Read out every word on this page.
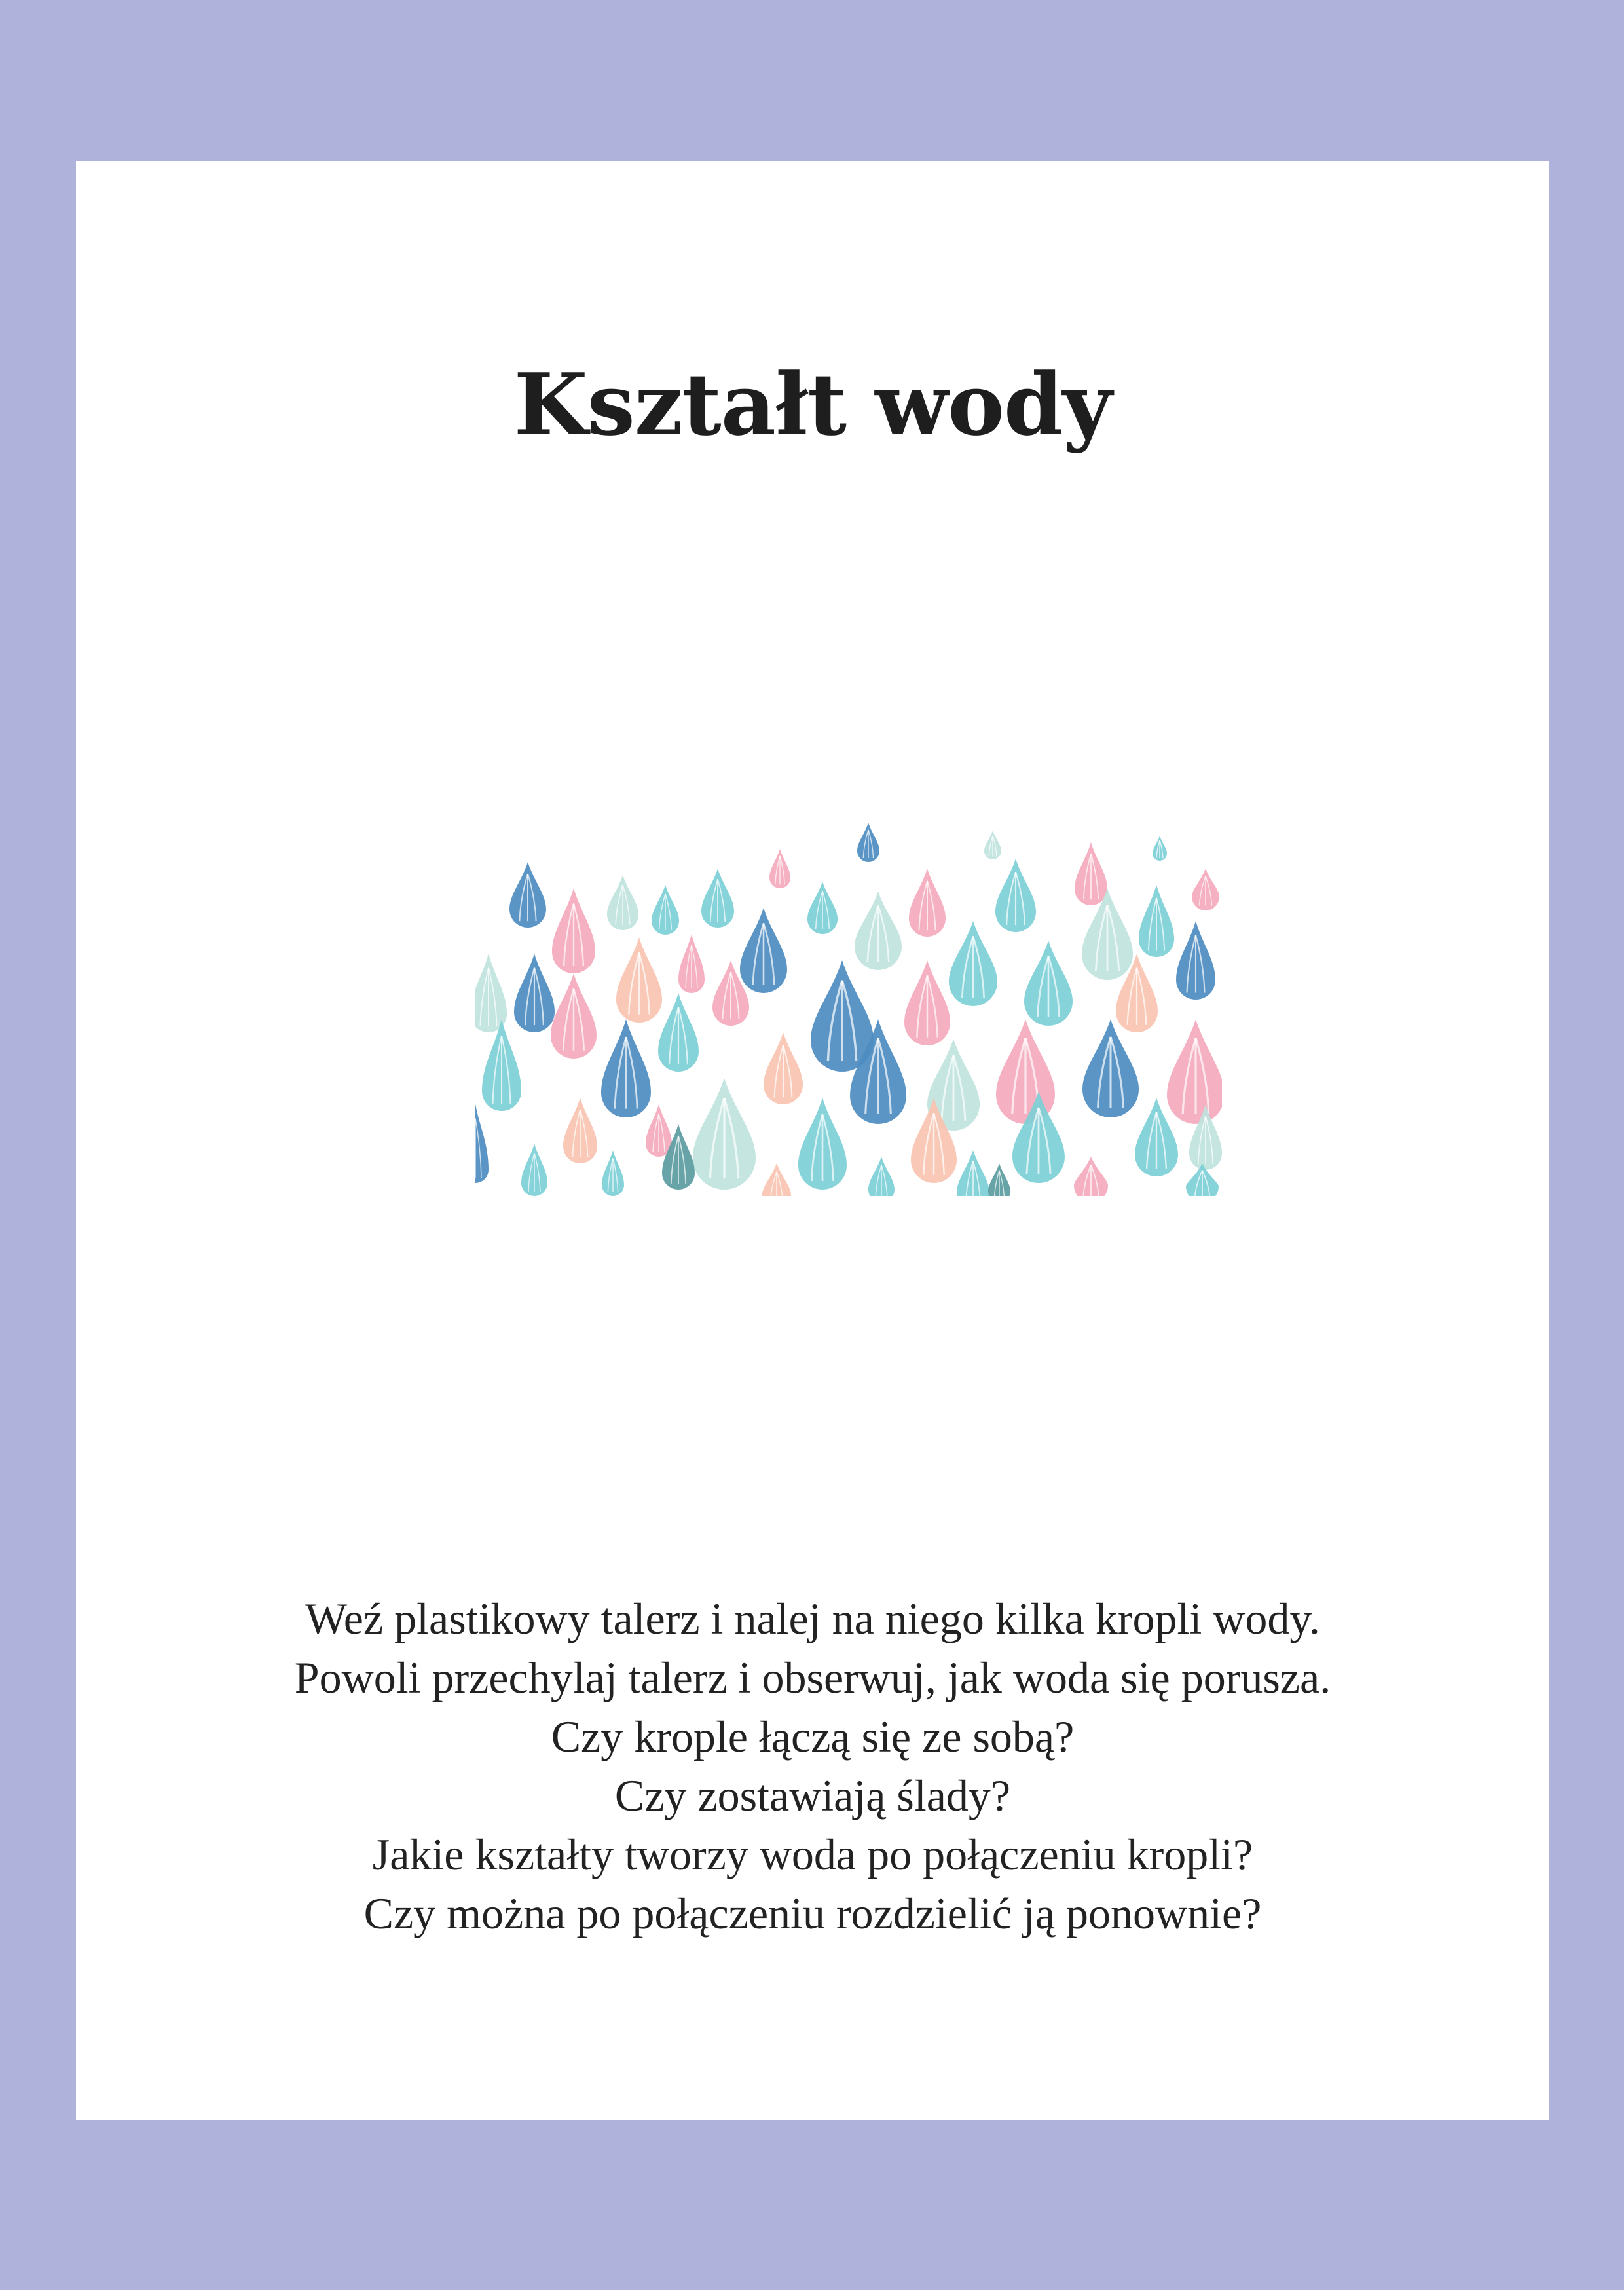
Kształt wody

Weź plastikowy talerz i nalej na niego kilka kropli wody.

Powoli przechylaj talerz i obserwuj, jak woda się porusza.

Czy krople łączą się ze sobą?

Czy zostawiają ślady?

Jakie kształty tworzy woda po połączeniu kropli?

Czy można po połączeniu rozdzielić ją ponownie?
